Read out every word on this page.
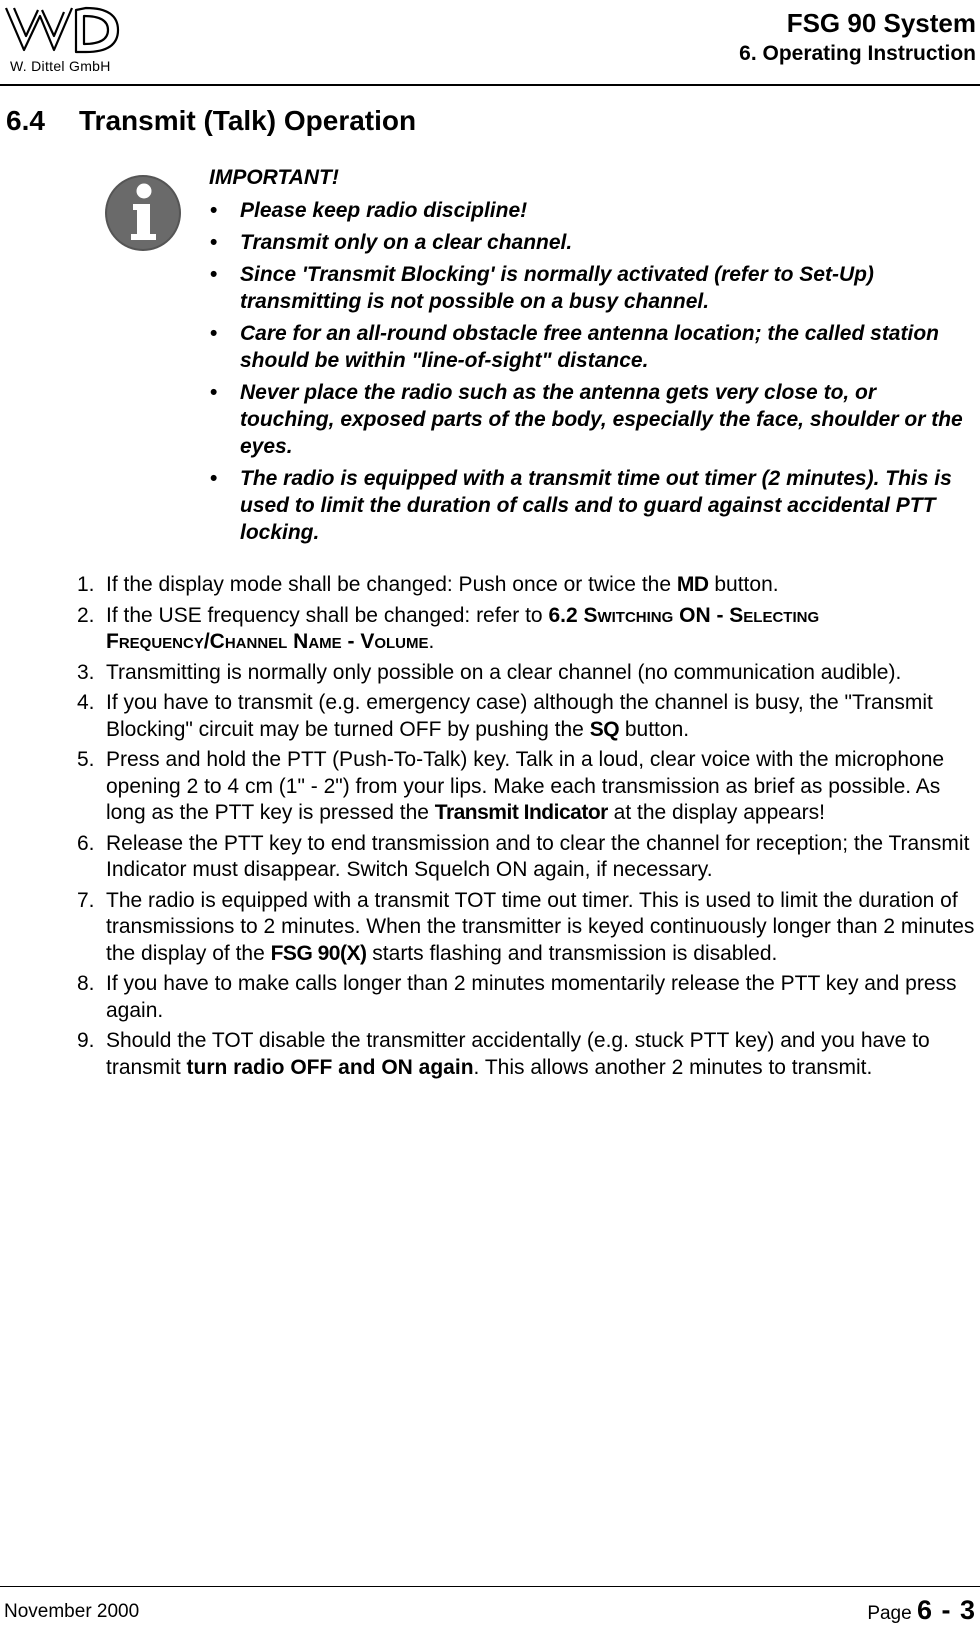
W. Dittel GmbH
FSG 90 System
6. Operating Instruction
6.4 Transmit (Talk) Operation
IMPORTANT!
• Please keep radio discipline!
• Transmit only on a clear channel.
• Since 'Transmit Blocking' is normally activated (refer to Set-Up) transmitting is not possible on a busy channel.
• Care for an all-round obstacle free antenna location; the called station should be within "line-of-sight" distance.
• Never place the radio such as the antenna gets very close to, or touching, exposed parts of the body, especially the face, shoulder or the eyes.
• The radio is equipped with a transmit time out timer (2 minutes). This is used to limit the duration of calls and to guard against accidental PTT locking.
1. If the display mode shall be changed: Push once or twice the MD button.
2. If the USE frequency shall be changed: refer to 6.2 Switching ON - Selecting Frequency/Channel Name - Volume.
3. Transmitting is normally only possible on a clear channel (no communication audible).
4. If you have to transmit (e.g. emergency case) although the channel is busy, the "Transmit Blocking" circuit may be turned OFF by pushing the SQ button.
5. Press and hold the PTT (Push-To-Talk) key. Talk in a loud, clear voice with the microphone opening 2 to 4 cm (1" - 2") from your lips. Make each transmission as brief as possible. As long as the PTT key is pressed the Transmit Indicator at the display appears!
6. Release the PTT key to end transmission and to clear the channel for reception; the Transmit Indicator must disappear. Switch Squelch ON again, if necessary.
7. The radio is equipped with a transmit TOT time out timer. This is used to limit the duration of transmissions to 2 minutes. When the transmitter is keyed continuously longer than 2 minutes the display of the FSG 90(X) starts flashing and transmission is disabled.
8. If you have to make calls longer than 2 minutes momentarily release the PTT key and press again.
9. Should the TOT disable the transmitter accidentally (e.g. stuck PTT key) and you have to transmit turn radio OFF and ON again. This allows another 2 minutes to transmit.
November 2000	Page 6 - 3
